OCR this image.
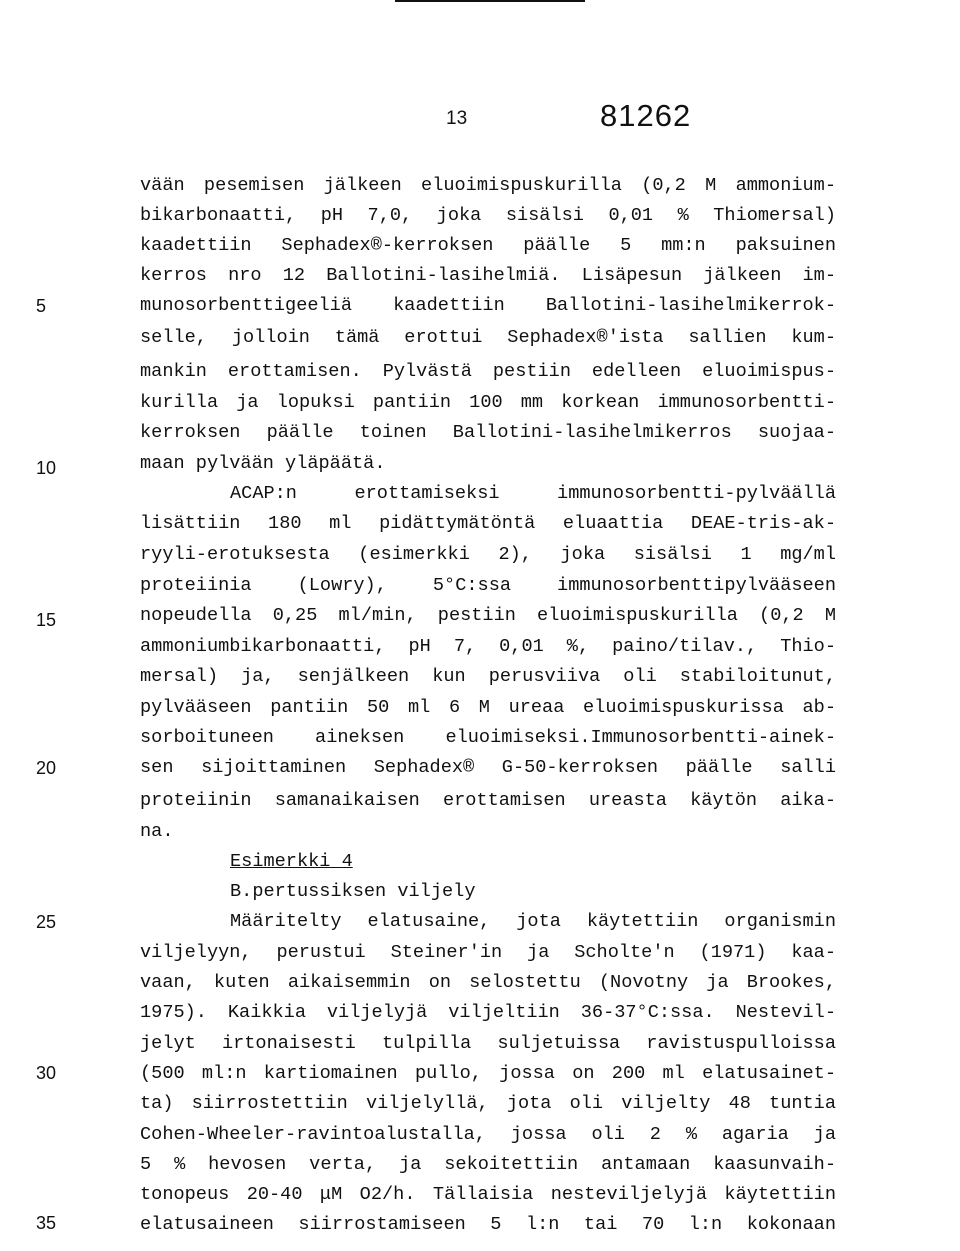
13	81262
5
10
15
20
25
30
35
vään pesemisen jälkeen eluoimispuskurilla (0,2 M ammonium-
bikarbonaatti, pH 7,0, joka sisälsi 0,01 % Thiomersal)
kaadettiin Sephadex®-kerroksen päälle 5 mm:n paksuinen
kerros nro 12 Ballotini-lasihelmiä. Lisäpesun jälkeen im-
munosorbenttigeeliä kaadettiin Ballotini-lasihelmikerrok-
selle, jolloin tämä erottui Sephadex®'ista sallien kum-
mankin erottamisen. Pylvästä pestiin edelleen eluoimispus-
kurilla ja lopuksi pantiin 100 mm korkean immunosorbentti-
kerroksen päälle toinen Ballotini-lasihelmikerros suojaa-
maan pylvään yläpäätä.
ACAP:n erottamiseksi immunosorbentti-pylväällä
lisättiin 180 ml pidättymätöntä eluaattia DEAE-tris-ak-
ryyli-erotuksesta (esimerkki 2), joka sisälsi 1 mg/ml
proteiinia (Lowry), 5°C:ssa immunosorbenttipylvääseen
nopeudella 0,25 ml/min, pestiin eluoimispuskurilla (0,2 M
ammoniumbikarbonaatti, pH 7, 0,01 %, paino/tilav., Thio-
mersal) ja, senjälkeen kun perusviiva oli stabiloitunut,
pylvääseen pantiin 50 ml 6 M ureaa eluoimispuskurissa ab-
sorboituneen aineksen eluoimiseksi.Immunosorbentti-ainek-
sen sijoittaminen Sephadex® G-50-kerroksen päälle salli
proteiinin samanaikaisen erottamisen ureasta käytön aika-
na.
Esimerkki 4
B.pertussiksen viljely
Määritelty elatusaine, jota käytettiin organismin
viljelyyn, perustui Steiner'in ja Scholte'n (1971) kaa-
vaan, kuten aikaisemmin on selostettu (Novotny ja Brookes,
1975). Kaikkia viljelyjä viljeltiin 36-37°C:ssa. Nestevil-
jelyt irtonaisesti tulpilla suljetuissa ravistuspulloissa
(500 ml:n kartiomainen pullo, jossa on 200 ml elatusainet-
ta) siirrostettiin viljelyllä, jota oli viljelty 48 tuntia
Cohen-Wheeler-ravintoalustalla, jossa oli 2 % agaria ja
5 % hevosen verta, ja sekoitettiin antamaan kaasunvaih-
tonopeus 20-40 μM O2/h. Tällaisia nesteviljelyjä käytettiin
elatusaineen siirrostamiseen 5 l:n tai 70 l:n kokonaan
